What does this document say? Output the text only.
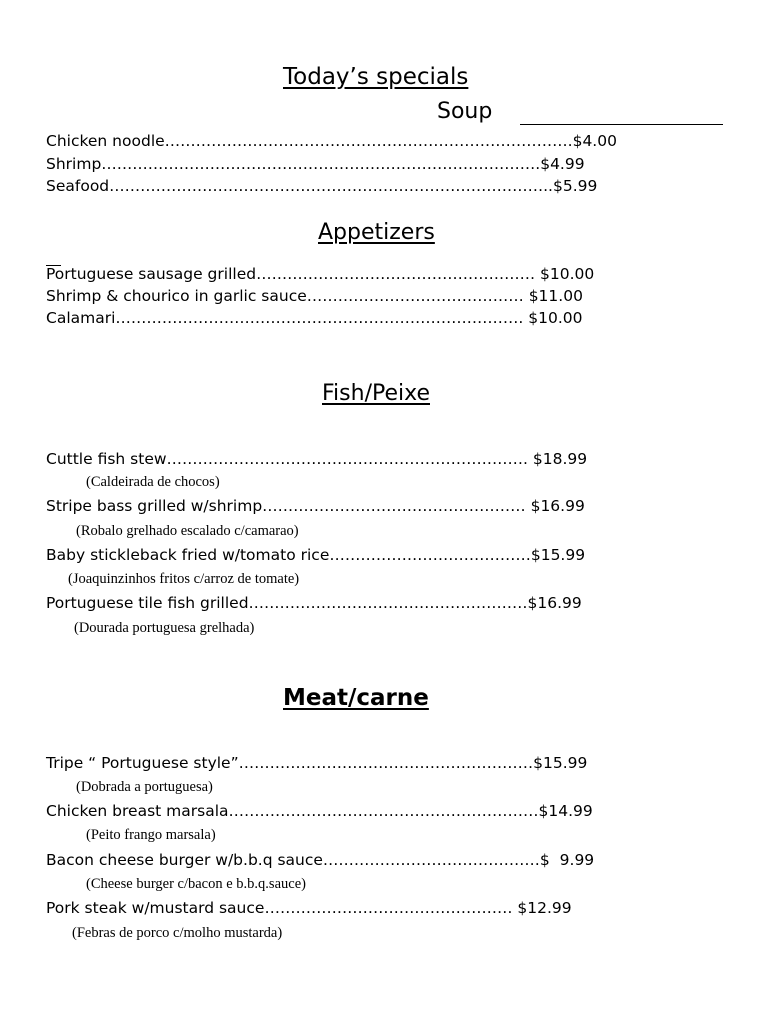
Today’s specials
Soup
Chicken noodle…………………………………………………………………….$4.00
Shrimp………………………………………………………………………….$4.99
Seafood…………………………………………………………………………..$5.99
Appetizers
Portuguese sausage grilled……………………………………………… $10.00
Shrimp & chourico in garlic sauce…………………………………… $11.00
Calamari……………………………………………………………………. $10.00
Fish/Peixe
Cuttle fish stew……………………………………………………………. $18.99
(Caldeirada de chocos)
Stripe bass grilled w/shrimp…………………………………………… $16.99
(Robalo grelhado escalado c/camarao)
Baby stickleback fried w/tomato rice…………………………………$15.99
(Joaquinzinhos fritos c/arroz de tomate)
Portuguese tile fish grilled………………………………………………$16.99
(Dourada portuguesa grelhada)
Meat/carne
Tripe “ Portuguese style”…………………………………………………$15.99
(Dobrada a portuguesa)
Chicken breast marsala……………………………………………………$14.99
(Peito frango marsala)
Bacon cheese burger w/b.b.q sauce……………………………………$  9.99
(Cheese burger c/bacon e b.b.q.sauce)
Pork steak w/mustard sauce………………………………………… $12.99
(Febras de porco c/molho mustarda)
